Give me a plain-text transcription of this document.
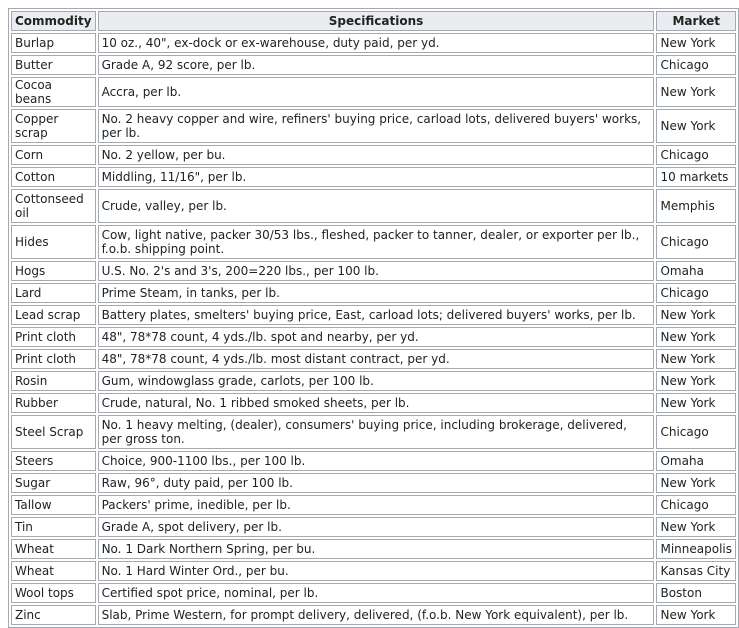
Commodity	Specifications	Market
Burlap	10 oz., 40", ex-dock or ex-warehouse, duty paid, per yd.	New York
Butter	Grade A, 92 score, per lb.	Chicago
Cocoa beans	Accra, per lb.	New York
Copper scrap	No. 2 heavy copper and wire, refiners' buying price, carload lots, delivered buyers' works, per lb.	New York
Corn	No. 2 yellow, per bu.	Chicago
Cotton	Middling, 11/16", per lb.	10 markets
Cottonseed oil	Crude, valley, per lb.	Memphis
Hides	Cow, light native, packer 30/53 lbs., fleshed, packer to tanner, dealer, or exporter per lb., f.o.b. shipping point.	Chicago
Hogs	U.S. No. 2's and 3's, 200=220 lbs., per 100 lb.	Omaha
Lard	Prime Steam, in tanks, per lb.	Chicago
Lead scrap	Battery plates, smelters' buying price, East, carload lots; delivered buyers' works, per lb.	New York
Print cloth	48", 78*78 count, 4 yds./lb. spot and nearby, per yd.	New York
Print cloth	48", 78*78 count, 4 yds./lb. most distant contract, per yd.	New York
Rosin	Gum, windowglass grade, carlots, per 100 lb.	New York
Rubber	Crude, natural, No. 1 ribbed smoked sheets, per lb.	New York
Steel Scrap	No. 1 heavy melting, (dealer), consumers' buying price, including brokerage, delivered, per gross ton.	Chicago
Steers	Choice, 900-1100 lbs., per 100 lb.	Omaha
Sugar	Raw, 96°, duty paid, per 100 lb.	New York
Tallow	Packers' prime, inedible, per lb.	Chicago
Tin	Grade A, spot delivery, per lb.	New York
Wheat	No. 1 Dark Northern Spring, per bu.	Minneapolis
Wheat	No. 1 Hard Winter Ord., per bu.	Kansas City
Wool tops	Certified spot price, nominal, per lb.	Boston
Zinc	Slab, Prime Western, for prompt delivery, delivered, (f.o.b. New York equivalent), per lb.	New York
